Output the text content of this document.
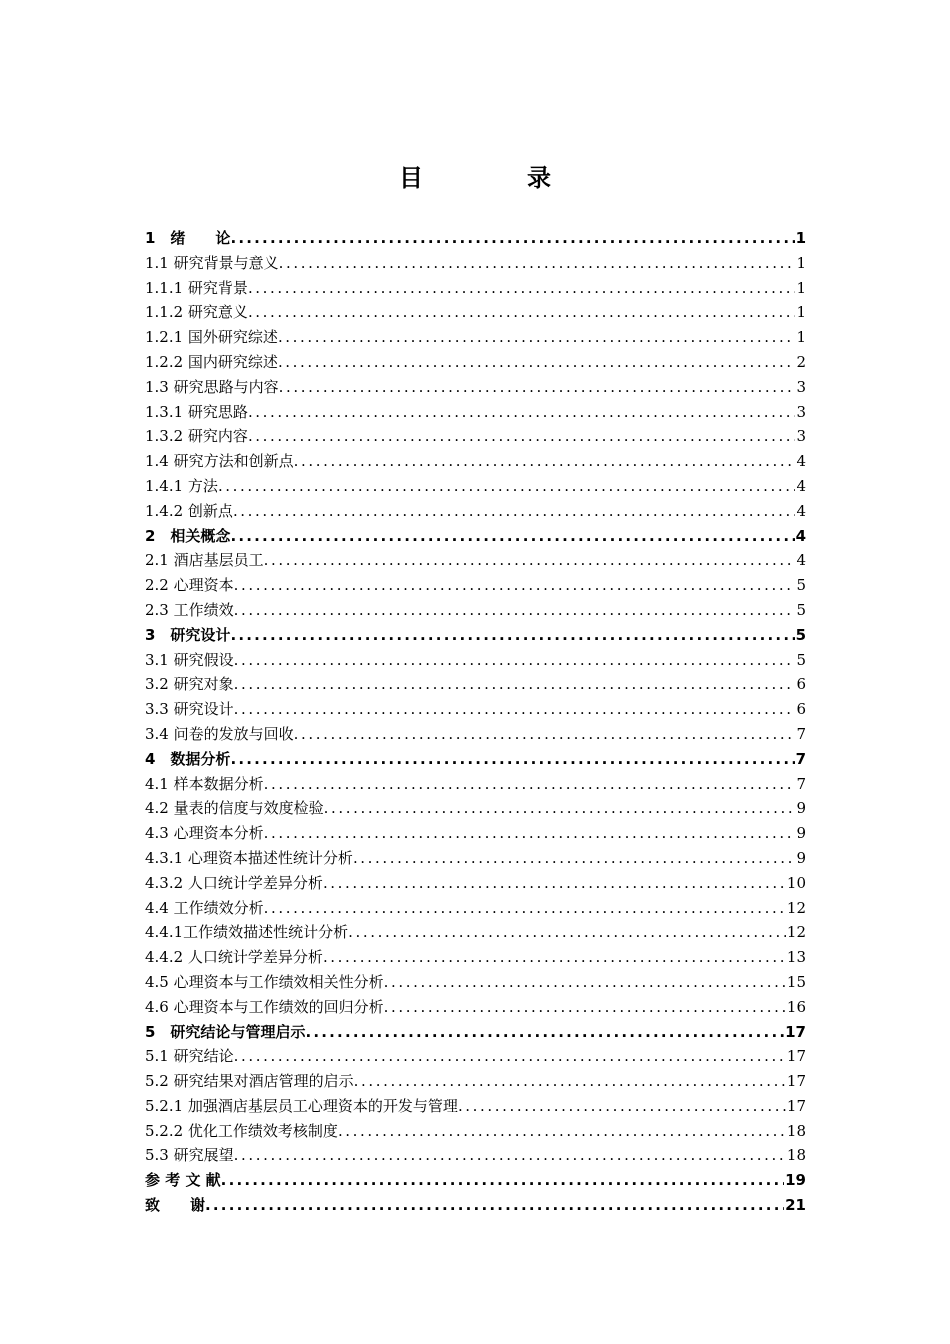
目　录
1　绪　　论 .....	1
1.1 研究背景与意义 .....	1
1.1.1 研究背景 .....	1
1.1.2 研究意义 .....	1
1.2.1 国外研究综述 .....	1
1.2.2 国内研究综述 .....	2
1.3 研究思路与内容 .....	3
1.3.1 研究思路 .....	3
1.3.2 研究内容 .....	3
1.4 研究方法和创新点 .....	4
1.4.1 方法 .....	4
1.4.2 创新点 .....	4
2　相关概念 .....	4
2.1 酒店基层员工 .....	4
2.2 心理资本 .....	5
2.3 工作绩效 .....	5
3　研究设计 .....	5
3.1 研究假设 .....	5
3.2 研究对象 .....	6
3.3 研究设计 .....	6
3.4 问卷的发放与回收 .....	7
4　数据分析 .....	7
4.1 样本数据分析 .....	7
4.2 量表的信度与效度检验 .....	9
4.3 心理资本分析 .....	9
4.3.1 心理资本描述性统计分析 .....	9
4.3.2 人口统计学差异分析 .....	10
4.4 工作绩效分析 .....	12
4.4.1工作绩效描述性统计分析 .....	12
4.4.2 人口统计学差异分析 .....	13
4.5 心理资本与工作绩效相关性分析 .....	15
4.6 心理资本与工作绩效的回归分析 .....	16
5　研究结论与管理启示 .....	17
5.1 研究结论 .....	17
5.2 研究结果对酒店管理的启示 .....	17
5.2.1 加强酒店基层员工心理资本的开发与管理 .....	17
5.2.2 优化工作绩效考核制度 .....	18
5.3 研究展望 .....	18
参 考 文 献 .....	19
致　　谢 .....	21
